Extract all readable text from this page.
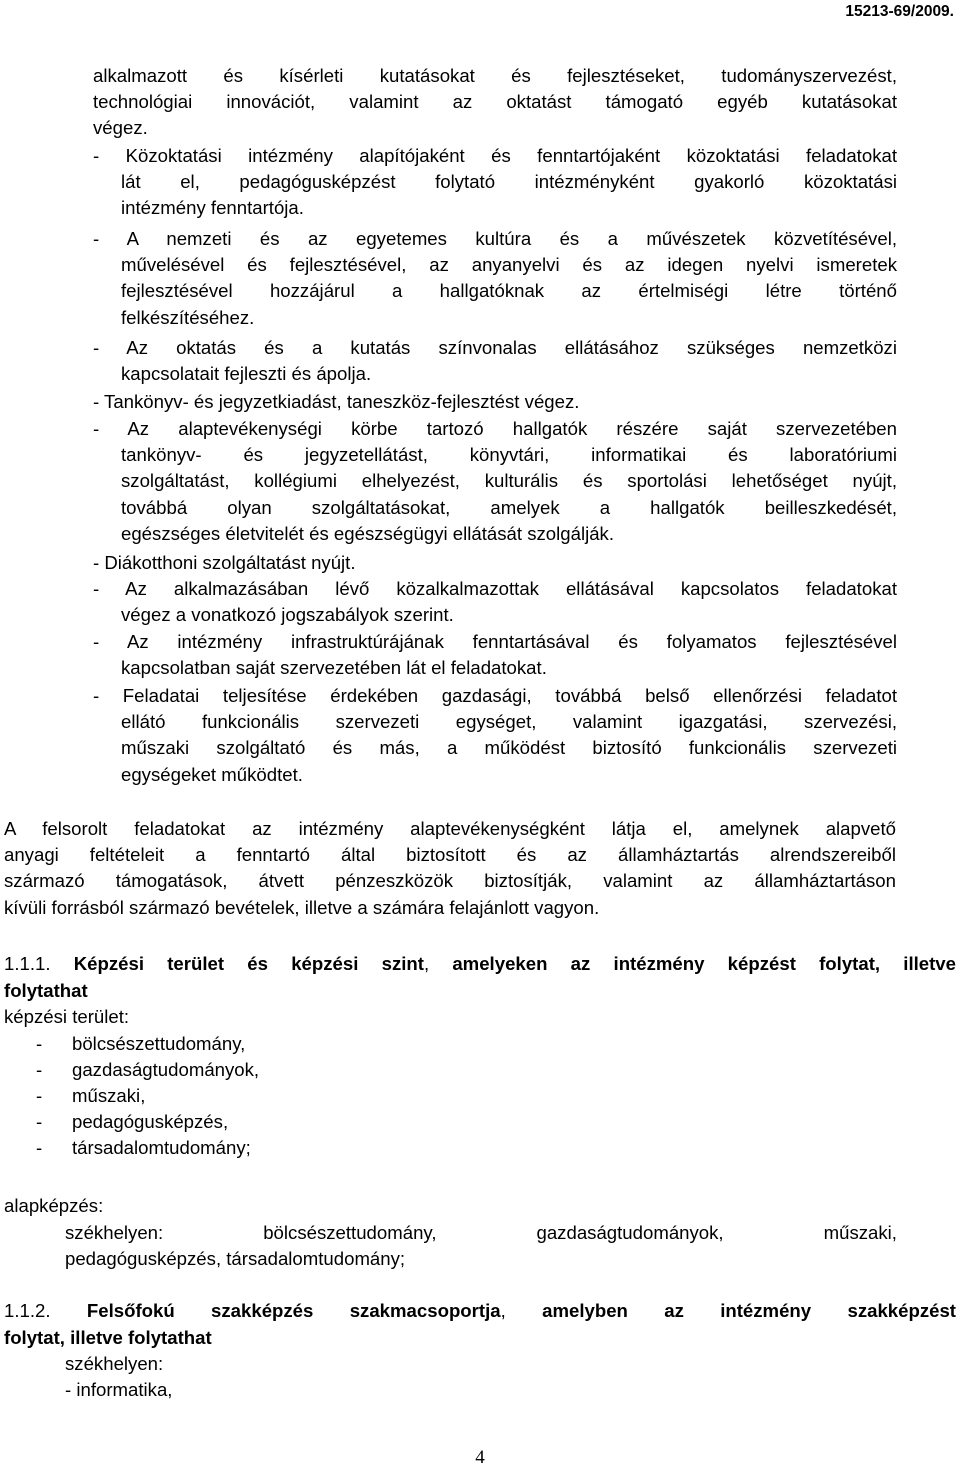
15213-69/2009.
alkalmazott és kísérleti kutatásokat és fejlesztéseket, tudományszervezést,
technológiai innovációt, valamint az oktatást támogató egyéb kutatásokat
végez.
- Közoktatási intézmény alapítójaként és fenntartójaként közoktatási feladatokat
lát el, pedagógusképzést folytató intézményként gyakorló közoktatási
intézmény fenntartója.
- A nemzeti és az egyetemes kultúra és a művészetek közvetítésével,
művelésével és fejlesztésével, az anyanyelvi és az idegen nyelvi ismeretek
fejlesztésével hozzájárul a hallgatóknak az értelmiségi létre történő
felkészítéséhez.
- Az oktatás és a kutatás színvonalas ellátásához szükséges nemzetközi
kapcsolatait fejleszti és ápolja.
- Tankönyv- és jegyzetkiadást, taneszköz-fejlesztést végez.
- Az alaptevékenységi körbe tartozó hallgatók részére saját szervezetében
tankönyv- és jegyzetellátást, könyvtári, informatikai és laboratóriumi
szolgáltatást, kollégiumi elhelyezést, kulturális és sportolási lehetőséget nyújt,
továbbá olyan szolgáltatásokat, amelyek a hallgatók beilleszkedését,
egészséges életvitelét és egészségügyi ellátását szolgálják.
- Diákotthoni szolgáltatást nyújt.
- Az alkalmazásában lévő közalkalmazottak ellátásával kapcsolatos feladatokat
végez a vonatkozó jogszabályok szerint.
- Az intézmény infrastruktúrájának fenntartásával és folyamatos fejlesztésével
kapcsolatban saját szervezetében lát el feladatokat.
- Feladatai teljesítése érdekében gazdasági, továbbá belső ellenőrzési feladatot
ellátó funkcionális szervezeti egységet, valamint igazgatási, szervezési,
műszaki szolgáltató és más, a működést biztosító funkcionális szervezeti
egységeket működtet.
A felsorolt feladatokat az intézmény alaptevékenységként látja el, amelynek alapvető
anyagi feltételeit a fenntartó által biztosított és az államháztartás alrendszereiből
származó támogatások, átvett pénzeszközök biztosítják, valamint az államháztartáson
kívüli forrásból származó bevételek, illetve a számára felajánlott vagyon.
1.1.1. Képzési terület és képzési szint, amelyeken az intézmény képzést folytat, illetve
folytathat
képzési terület:
- bölcsészettudomány,
- gazdaságtudományok,
- műszaki,
- pedagógusképzés,
- társadalomtudomány;
alapképzés:
székhelyen:	bölcsészettudomány,	gazdaságtudományok,	műszaki,
pedagógusképzés, társadalomtudomány;
1.1.2. Felsőfokú szakképzés szakmacsoportja, amelyben az intézmény szakképzést
folytat, illetve folytathat
székhelyen:
- informatika,
4
